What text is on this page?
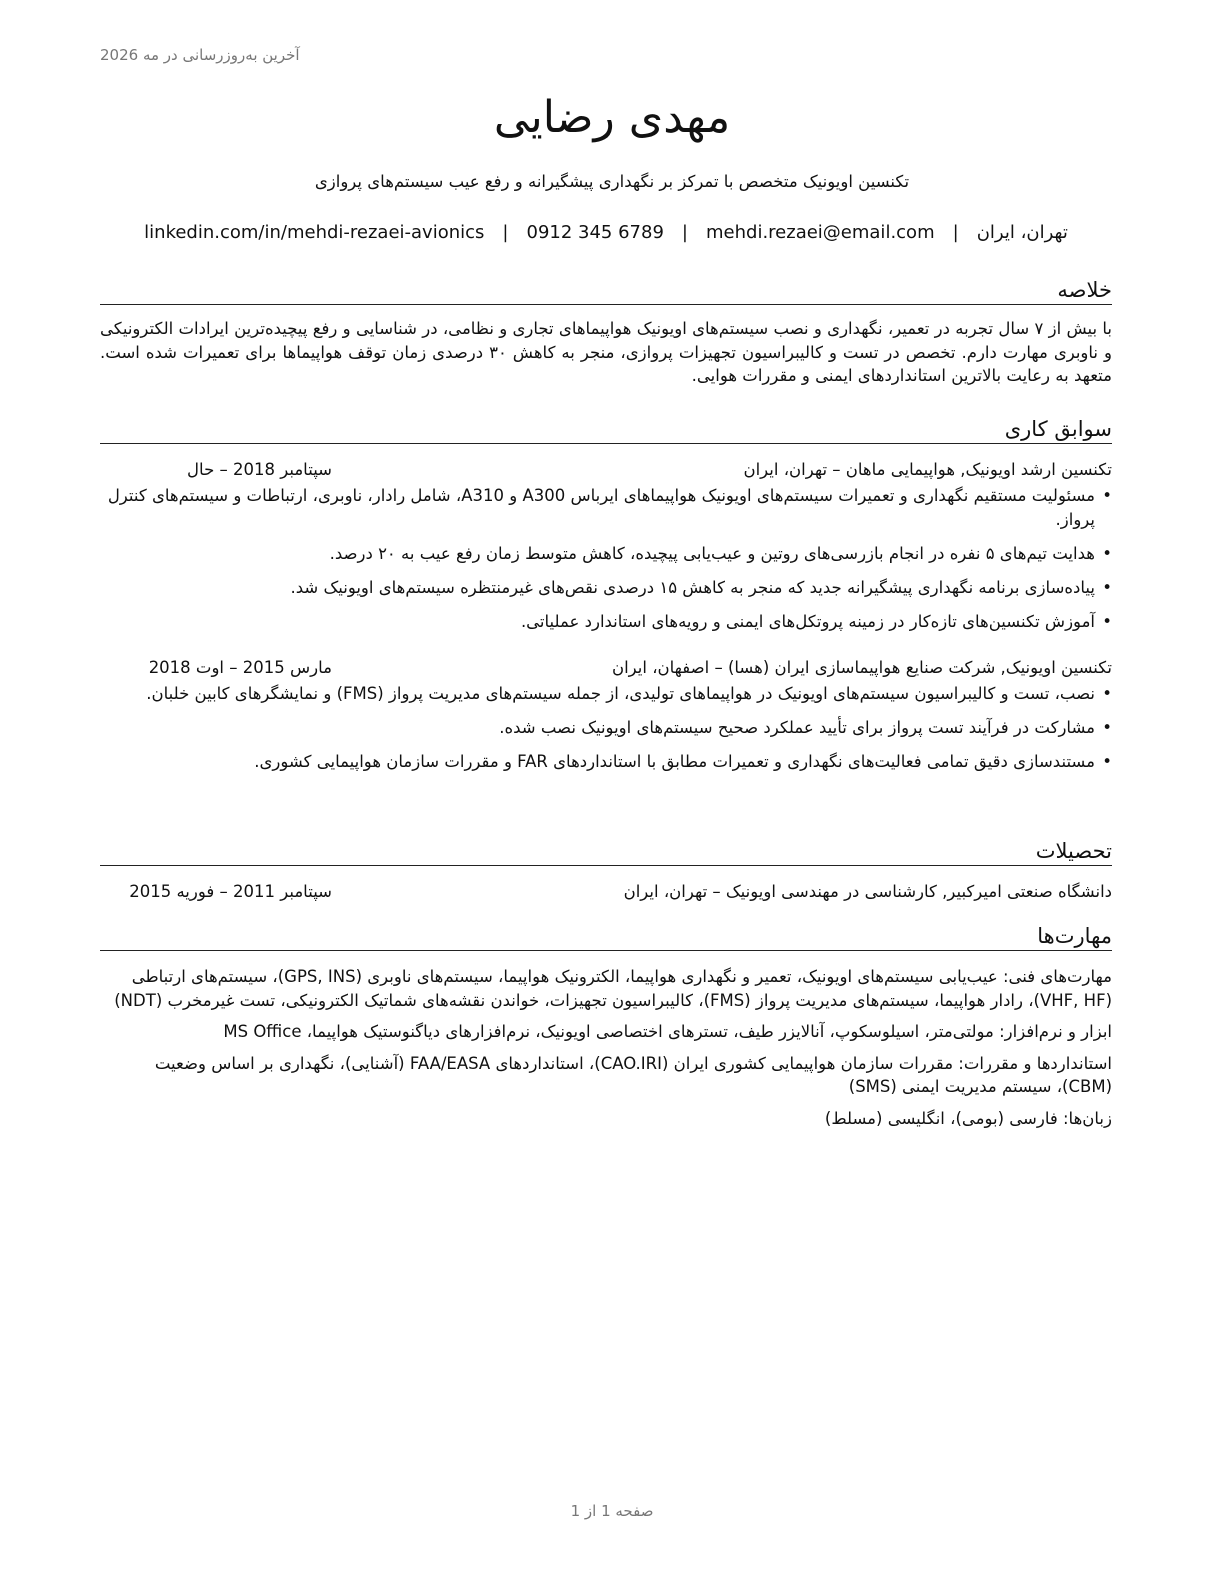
آخرین به‌روزرسانی در مه 2026
مهدی رضایی
تکنسین اویونیک متخصص با تمرکز بر نگهداری پیشگیرانه و رفع عیب سیستم‌های پروازی
تهران، ایران
|
mehdi.rezaei@email.com
|
0912 345 6789
|
linkedin.com/in/mehdi-rezaei-avionics
خلاصه
با بیش از ۷ سال تجربه در تعمیر، نگهداری و نصب سیستم‌های اویونیک هواپیماهای تجاری و نظامی، در شناسایی و رفع پیچیده‌ترین ایرادات الکترونیکی و ناوبری مهارت دارم. تخصص در تست و کالیبراسیون تجهیزات پروازی، منجر به کاهش ۳۰ درصدی زمان توقف هواپیماها برای تعمیرات شده است. متعهد به رعایت بالاترین استانداردهای ایمنی و مقررات هوایی.
سوابق کاری
تکنسین ارشد اویونیک, هواپیمایی ماهان – تهران، ایران
سپتامبر 2018 – حال
• مسئولیت مستقیم نگهداری و تعمیرات سیستم‌های اویونیک هواپیماهای ایرباس A300 و A310، شامل رادار، ناوبری، ارتباطات و سیستم‌های کنترل پرواز.
• هدایت تیم‌های ۵ نفره در انجام بازرسی‌های روتین و عیب‌یابی پیچیده، کاهش متوسط زمان رفع عیب به ۲۰ درصد.
• پیاده‌سازی برنامه نگهداری پیشگیرانه جدید که منجر به کاهش ۱۵ درصدی نقص‌های غیرمنتظره سیستم‌های اویونیک شد.
• آموزش تکنسین‌های تازه‌کار در زمینه پروتکل‌های ایمنی و رویه‌های استاندارد عملیاتی.
تکنسین اویونیک, شرکت صنایع هواپیماسازی ایران (هسا) – اصفهان، ایران
مارس 2015 – اوت 2018
• نصب، تست و کالیبراسیون سیستم‌های اویونیک در هواپیماهای تولیدی، از جمله سیستم‌های مدیریت پرواز (FMS) و نمایشگرهای کابین خلبان.
• مشارکت در فرآیند تست پرواز برای تأیید عملکرد صحیح سیستم‌های اویونیک نصب شده.
• مستندسازی دقیق تمامی فعالیت‌های نگهداری و تعمیرات مطابق با استانداردهای FAR و مقررات سازمان هواپیمایی کشوری.
تحصیلات
دانشگاه صنعتی امیرکبیر, کارشناسی در مهندسی اویونیک – تهران، ایران
سپتامبر 2011 – فوریه 2015
مهارت‌ها
مهارت‌های فنی: عیب‌یابی سیستم‌های اویونیک، تعمیر و نگهداری هواپیما، الکترونیک هواپیما، سیستم‌های ناوبری (GPS, INS)، سیستم‌های ارتباطی (VHF, HF)، رادار هواپیما، سیستم‌های مدیریت پرواز (FMS)، کالیبراسیون تجهیزات، خواندن نقشه‌های شماتیک الکترونیکی، تست غیرمخرب (NDT)
ابزار و نرم‌افزار: مولتی‌متر، اسیلوسکوپ، آنالایزر طیف، تسترهای اختصاصی اویونیک، نرم‌افزارهای دیاگنوستیک هواپیما، MS Office
استانداردها و مقررات: مقررات سازمان هواپیمایی کشوری ایران (CAO.IRI)، استانداردهای FAA/EASA (آشنایی)، نگهداری بر اساس وضعیت (CBM)، سیستم مدیریت ایمنی (SMS)
زبان‌ها: فارسی (بومی)، انگلیسی (مسلط)
صفحه 1 از 1
